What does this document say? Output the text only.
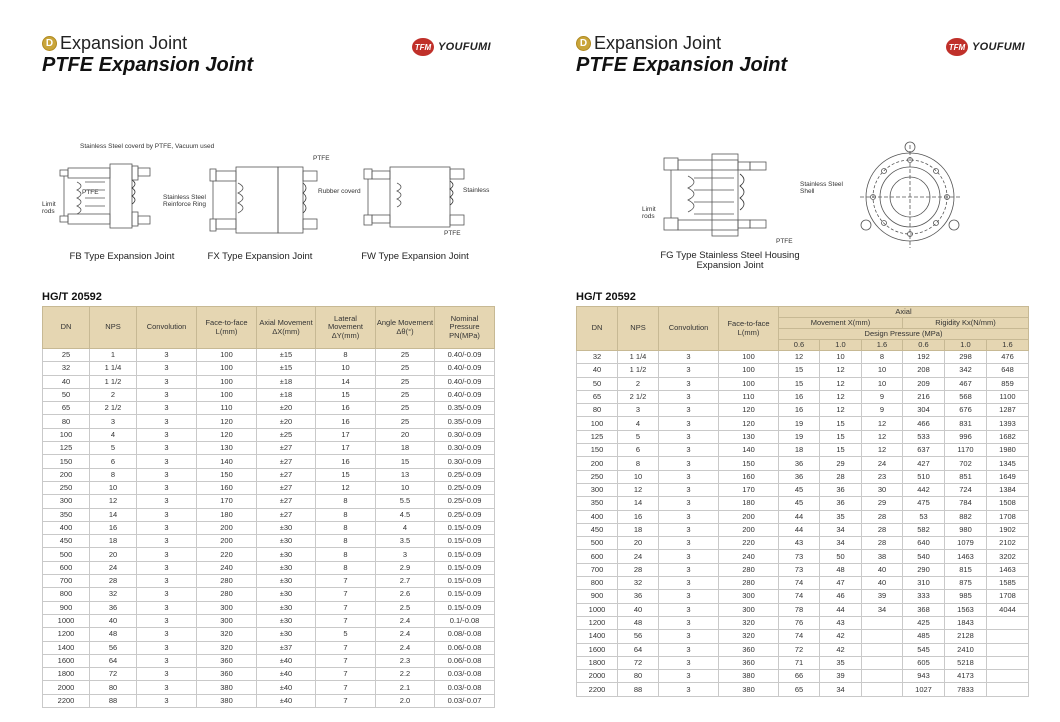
D Expansion Joint
PTFE Expansion Joint
TFM YOUFUMI
Stainless Steel coverd by PTFE, Vacuum used
PTFE
Stainless Steel Reinforce Ring
Limit rods
FB Type Expansion Joint
PTFE
Rubber coverd
FX Type Expansion Joint
Stainless
PTFE
FW Type Expansion Joint
HG/T 20592
DN	NPS	Convolution	Face-to-face L(mm)	Axial Movement ΔX(mm)	Lateral Movement ΔY(mm)	Angle Movement Δθ(°)	Nominal Pressure PN(MPa)
25	1	3	100	±15	8	25	0.40/-0.09
32	1 1/4	3	100	±15	10	25	0.40/-0.09
40	1 1/2	3	100	±18	14	25	0.40/-0.09
50	2	3	100	±18	15	25	0.40/-0.09
65	2 1/2	3	110	±20	16	25	0.35/-0.09
80	3	3	120	±20	16	25	0.35/-0.09
100	4	3	120	±25	17	20	0.30/-0.09
125	5	3	130	±27	17	18	0.30/-0.09
150	6	3	140	±27	16	15	0.30/-0.09
200	8	3	150	±27	15	13	0.25/-0.09
250	10	3	160	±27	12	10	0.25/-0.09
300	12	3	170	±27	8	5.5	0.25/-0.09
350	14	3	180	±27	8	4.5	0.25/-0.09
400	16	3	200	±30	8	4	0.15/-0.09
450	18	3	200	±30	8	3.5	0.15/-0.09
500	20	3	220	±30	8	3	0.15/-0.09
600	24	3	240	±30	8	2.9	0.15/-0.09
700	28	3	280	±30	7	2.7	0.15/-0.09
800	32	3	280	±30	7	2.6	0.15/-0.09
900	36	3	300	±30	7	2.5	0.15/-0.09
1000	40	3	300	±30	7	2.4	0.1/-0.08
1200	48	3	320	±30	5	2.4	0.08/-0.08
1400	56	3	320	±37	7	2.4	0.06/-0.08
1600	64	3	360	±40	7	2.3	0.06/-0.08
1800	72	3	360	±40	7	2.2	0.03/-0.08
2000	80	3	380	±40	7	2.1	0.03/-0.08
2200	88	3	380	±40	7	2.0	0.03/-0.07
D Expansion Joint
PTFE Expansion Joint
TFM YOUFUMI
Stainless Steel Shell
Limit rods
PTFE
FG Type Stainless Steel Housing
Expansion Joint
HG/T 20592
DN	NPS	Convolution	Face-to-face L(mm)	Axial					
				Movement X(mm)			Rigidity Kx(N/mm)		
				Design Pressure (MPa)					
				0.6	1.0	1.6	0.6	1.0	1.6
32	1 1/4	3	100	12	10	8	192	298	476
40	1 1/2	3	100	15	12	10	208	342	648
50	2	3	100	15	12	10	209	467	859
65	2 1/2	3	110	16	12	9	216	568	1100
80	3	3	120	16	12	9	304	676	1287
100	4	3	120	19	15	12	466	831	1393
125	5	3	130	19	15	12	533	996	1682
150	6	3	140	18	15	12	637	1170	1980
200	8	3	150	36	29	24	427	702	1345
250	10	3	160	36	28	23	510	851	1649
300	12	3	170	45	36	30	442	724	1384
350	14	3	180	45	36	29	475	784	1508
400	16	3	200	44	35	28	53	882	1708
450	18	3	200	44	34	28	582	980	1902
500	20	3	220	43	34	28	640	1079	2102
600	24	3	240	73	50	38	540	1463	3202
700	28	3	280	73	48	40	290	815	1463
800	32	3	280	74	47	40	310	875	1585
900	36	3	300	74	46	39	333	985	1708
1000	40	3	300	78	44	34	368	1563	4044
1200	48	3	320	76	43		425	1843	
1400	56	3	320	74	42		485	2128	
1600	64	3	360	72	42		545	2410	
1800	72	3	360	71	35		605	5218	
2000	80	3	380	66	39		943	4173	
2200	88	3	380	65	34		1027	7833	
